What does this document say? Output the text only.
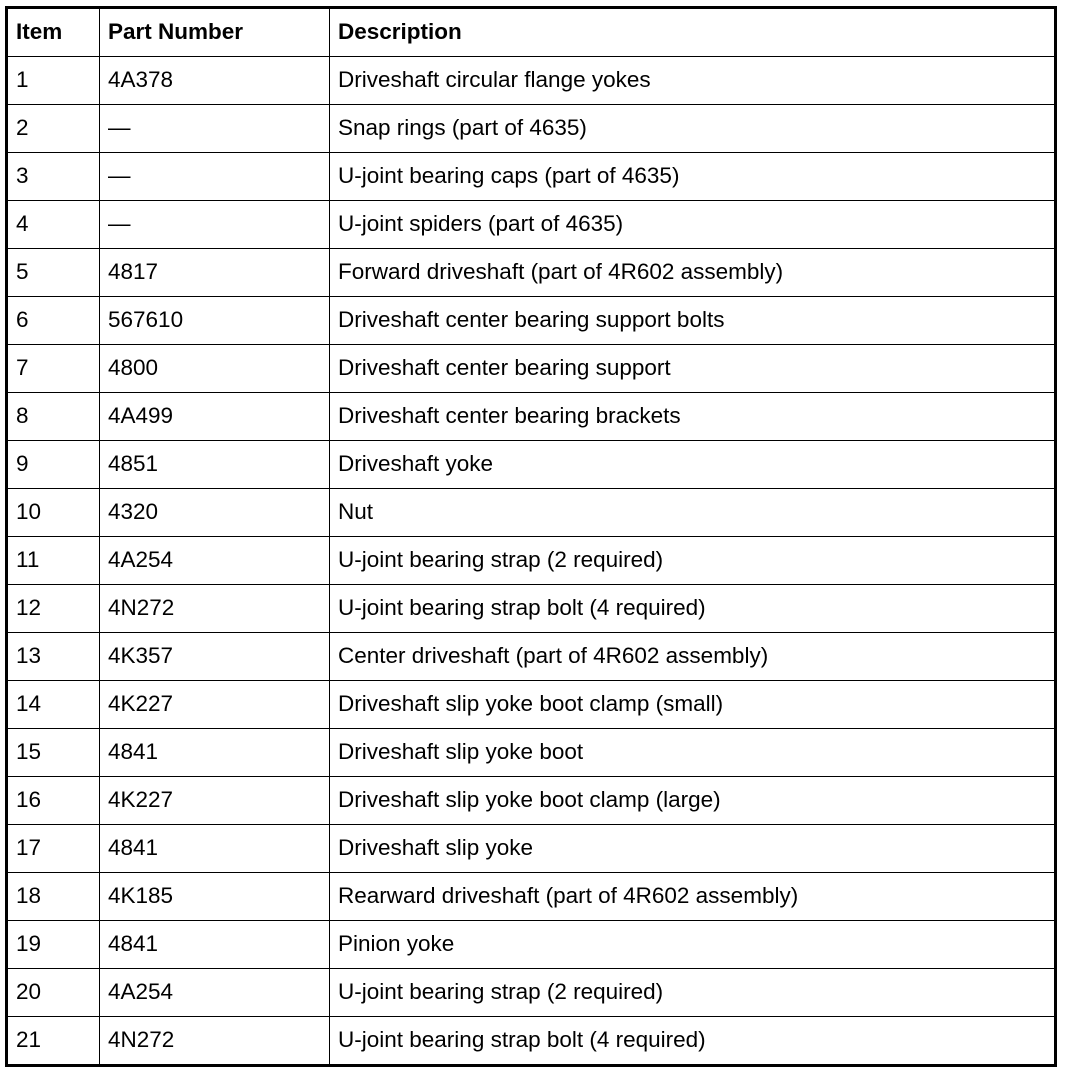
Item	Part Number	Description
1	4A378	Driveshaft circular flange yokes
2	—	Snap rings (part of 4635)
3	—	U-joint bearing caps (part of 4635)
4	—	U-joint spiders (part of 4635)
5	4817	Forward driveshaft (part of 4R602 assembly)
6	567610	Driveshaft center bearing support bolts
7	4800	Driveshaft center bearing support
8	4A499	Driveshaft center bearing brackets
9	4851	Driveshaft yoke
10	4320	Nut
11	4A254	U-joint bearing strap (2 required)
12	4N272	U-joint bearing strap bolt (4 required)
13	4K357	Center driveshaft (part of 4R602 assembly)
14	4K227	Driveshaft slip yoke boot clamp (small)
15	4841	Driveshaft slip yoke boot
16	4K227	Driveshaft slip yoke boot clamp (large)
17	4841	Driveshaft slip yoke
18	4K185	Rearward driveshaft (part of 4R602 assembly)
19	4841	Pinion yoke
20	4A254	U-joint bearing strap (2 required)
21	4N272	U-joint bearing strap bolt (4 required)
